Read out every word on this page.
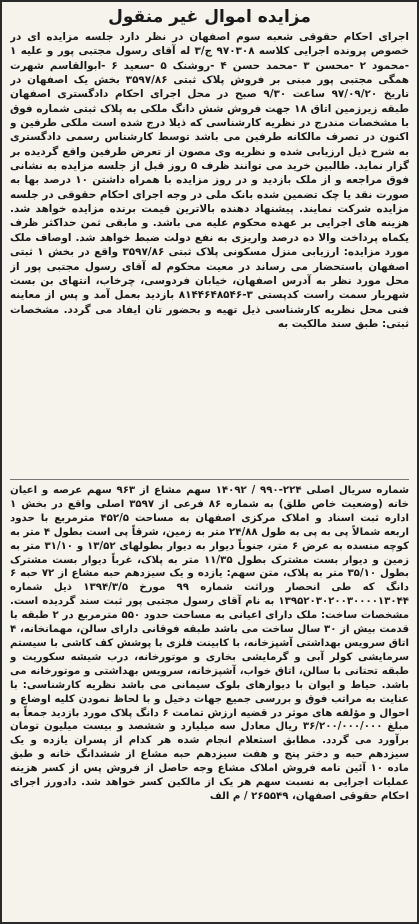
مزایده اموال غیر منقول

اجرای احکام حقوقی شعبه سوم اصفهان در نظر دارد جلسه مزایده ای در خصوص پرونده اجرایی کلاسه ۹۷۰۳۰۸ ج/۳ له آقای رسول مجتبی پور و علیه ۱ -محمود ۲ -محسن ۳ -محمد حسن ۴ -روشنک ۵ -سعید ۶ -ابوالقاسم شهرت همگی مجتبی پور مبنی بر فروش پلاک ثبتی ۳۵۹۷/۸۶ بخش یک اصفهان در تاریخ ۹۷/۰۹/۲۰ ساعت ۹/۳۰ صبح در محل اجرای احکام دادگستری اصفهان طبقه زیرزمین اتاق ۱۸ جهت فروش شش دانگ ملکی به پلاک ثبتی شماره فوق با مشخصات مندرج در نظریه کارشناسی که ذیلا درج شده است ملکی طرفین و اکنون در تصرف مالکانه طرفین می باشد توسط کارشناس رسمی دادگستری به شرح ذیل ارزیابی شده و نظریه وی مصون از تعرض طرفین واقع گردیده بر گزار نماید. طالبین خرید می توانند ظرف ۵ روز قبل از جلسه مزایده به نشانی فوق مراجعه و از ملک بازدید و در روز مزایده با همراه داشتن ۱۰ درصد بها به صورت نقد یا چک تضمین شده بانک ملی در وجه اجرای احکام حقوقی در جلسه مزایده شرکت نمایند. پیشنهاد دهنده بالاترین قیمت برنده مزایده خواهد شد. هزینه های اجرایی بر عهده محکوم علیه می باشد. و مابقی ثمن حداکثر ظرف یکماه پرداخت والا ده درصد واریزی به نفع دولت ضبط خواهد شد. اوصاف ملک مورد مزایده: ارزیابی منزل مسکونی پلاک ثبتی ۳۵۹۷/۸۶ واقع در بخش ۱ ثبتی اصفهان باستحضار می رساند در معیت محکوم له آقای رسول مجتبی پور از محل مورد نظر به آدرس اصفهان، خیابان فردوسی، چرخاب، انتهای بن بست شهریار سمت راست کدپستی ۳-۸۱۴۴۶۴۸۵۴۶ بازدید بعمل آمد و پس از معاینه فنی محل نظریه کارشناسی ذیل تهیه و بحضور تان ایفاد می گردد. مشخصات ثبتی: طبق سند مالکیت به

شماره سریال اصلی ۲۲۴-۹۹۰ / ۱۴۰۹۲ سهم مشاع از ۹۶۳ سهم عرصه و اعیان خانه (وضعیت خاص طلق) به شماره ۸۶ فرعی از ۳۵۹۷ اصلی واقع در بخش ۱ اداره ثبت اسناد و املاک مرکزی اصفهان به مساحت ۴۵۲/۵ مترمربع با حدود اربعه شمالاً پی به پی به طول ۲۴/۸۸ متر به زمین، شرقاً پی است بطول ۴ متر به کوچه منسده به عرض ۶ متر، جنوباً دیوار به دیوار بطولهای ۱۳/۵۲ و ۳۱/۱۰ متر به زمین و دیوار بست مشترک بطول ۱۱/۳۵ متر به پلاک، غرباً دیوار بست مشترک بطول ۳۵/۱۰ متر به پلاک، متن سهم: یازده و یک سیزدهم حبه مشاع از ۷۲ حبه ۶ دانگ که طی انحصار وراثت شماره ۹۹ مورخ ۱۳۹۴/۳/۵ ذیل شماره ۱۳۹۵۲۰۳۰۲۰۰۳۰۰۰۰۱۳۰۴۴ به نام آقای رسول مجتبی پور ثبت سند گردیده است. مشخصات ساخت: ملک دارای اعیانی به مساحت حدود ۵۵۰ مترمربع در ۲ طبقه با قدمت بیش از ۳۰ سال ساخت می باشد طبقه فوقانی دارای سالن، مهمانخانه، ۴ اتاق سرویس بهداشتی آشپزخانه، با کابینت فلزی با پوشش کف کاشی با سیستم سرمایشی کولر آبی و گرمایشی بخاری و موتورخانه، درب شیشه سکوریت و طبقه تحتانی با سالن، اتاق خواب، آشپزخانه، سرویس بهداشتی و موتورخانه می باشد. حیاط و ایوان با دیوارهای بلوک سیمانی می باشد نظریه کارشناسی: با عنایت به مراتب فوق و بررسی جمیع جهات دخیل و با لحاظ نمودن کلیه اوضاع و احوال و مؤلفه های موثر در قضیه ارزش تمامت ۶ دانگ پلاک مورد بازدید جمعاً به مبلغ ۳۶/۲۰۰/۰۰۰/۰۰۰ ریال معادل سه میلیارد و ششصد و بیست میلیون تومان برآورد می گردد. مطابق استعلام انجام شده هر کدام از پسران یازده و یک سیزدهم حبه و دختر پنج و هفت سیزدهم حبه مشاع از ششدانگ خانه و طبق ماده ۱۰ آئین نامه فروش املاک مشاع وجه حاصل از فروش پس از کسر هزینه عملیات اجرایی به نسبت سهم هر یک از مالکین کسر خواهد شد. دادورز اجرای احکام حقوقی اصفهان، ۲۶۵۵۴۹ / م الف
